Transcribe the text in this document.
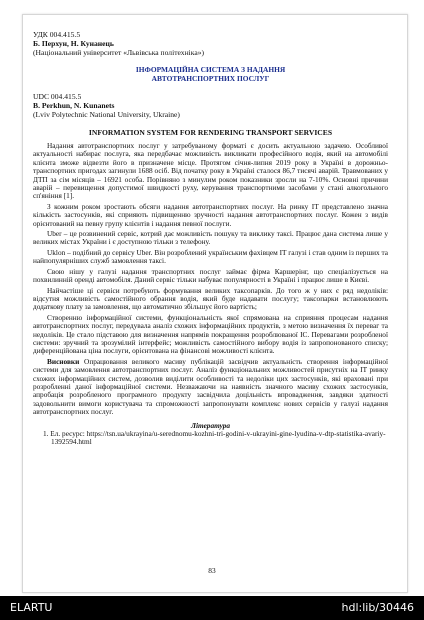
УДК 004.415.5
Б. Перхун, Н. Кунанець
(Національний університет «Львівська політехніка»)
ІНФОРМАЦІЙНА СИСТЕМА З НАДАННЯ
АВТОТРАНСПОРТНИХ ПОСЛУГ
UDC 004.415.5
B. Perkhun, N. Kunanets
(Lviv Polytechnic National University, Ukraine)
INFORMATION SYSTEM FOR RENDERING TRANSPORT SERVICES

Надання автотранспортних послуг у затребуваному форматі є досить актуальною задачею. Особливої актуальності набирає послуга, яка передбачає можливість викликати професійного водія, який на автомобілі клієнта зможе відвезти його в призначене місце. Протягом січня-липня 2019 року в Україні в дорожньо-транспортних пригодах загинули 1688 осіб. Від початку року в Україні сталося 86,7 тисячі аварій. Травмованих у ДТП за сім місяців – 16921 особа. Порівняно з минулим роком показники зросли на 7-10%. Основні причини аварій – перевищення допустимої швидкості руху, керування транспортними засобами у стані алкогольного сп'яніння [1].

З кожним роком зростають обсяги надання автотранспортних послуг. На ринку IT представлено значна кількість застосунків, які сприяють підвищенню зручності надання автотранспортних послуг. Кожен з видів орієнтований на певну групу клієнтів і надання певної послуги.

Uber – це розвинений сервіс, котрий дає можливість пошуку та виклику таксі. Працює дана система лише у великих містах України і є доступною тільки з телефону.

Uklon – подібний до сервісу Uber. Він розроблений українським фахівцем IT галузі і став одним із перших та найпопулярніших служб замовлення таксі.

Свою нішу у галузі надання транспортних послуг займає фірма Каршерінг, що спеціалізується на похвилинній оренді автомобіля. Даний сервіс тільки набуває популярності в Україні і працює лише в Києві.

Найчастіше ці сервіси потребують формування великих таксопарків. До того ж у них є ряд недоліків: відсутня можливість самостійного обрання водія, який буде надавати послугу; таксопарки встановлюють додаткову плату за замовлення, що автоматично збільшує його вартість;

Створенню інформаційної системи, функціональність якої спрямована на сприяння процесам надання автотранспортних послуг, передувала аналіз схожих інформаційних продуктів, з метою визначення їх переваг та недоліків. Це стало підставою для визначення напрямів покращення розроблюваної ІС. Перевагами розробленої системи: зручний та зрозумілий інтерфейс; можливість самостійного вибору водія із запропонованого списку; диференційована ціна послуги, орієнтована на фінансові можливості клієнта.

Висновки Опрацювання великого масиву публікацій засвідчив актуальність створення інформаційної системи для замовлення автотранспортних послуг. Аналіз функціональних можливостей присутніх на IT ринку схожих інформаційних систем, дозволив виділити особливості та недоліки цих застосунків, які враховані при розробленні даної інформаційної системи. Незважаючи на наявність значного масиву схожих застосунків, апробація розробленого програмного продукту засвідчила доцільність впровадження, завдяки здатності задовольнити вимоги користувача та спроможності запропонувати комплекс нових сервісів у галузі надання автотранспортних послуг.

Література
1. Ел. ресурс: https://tsn.ua/ukrayina/u-serednomu-kozhni-tri-godini-v-ukrayini-gine-lyudina-v-dtp-statistika-avariy-1392594.html
83
ELARTU	hdl:lib/30446
